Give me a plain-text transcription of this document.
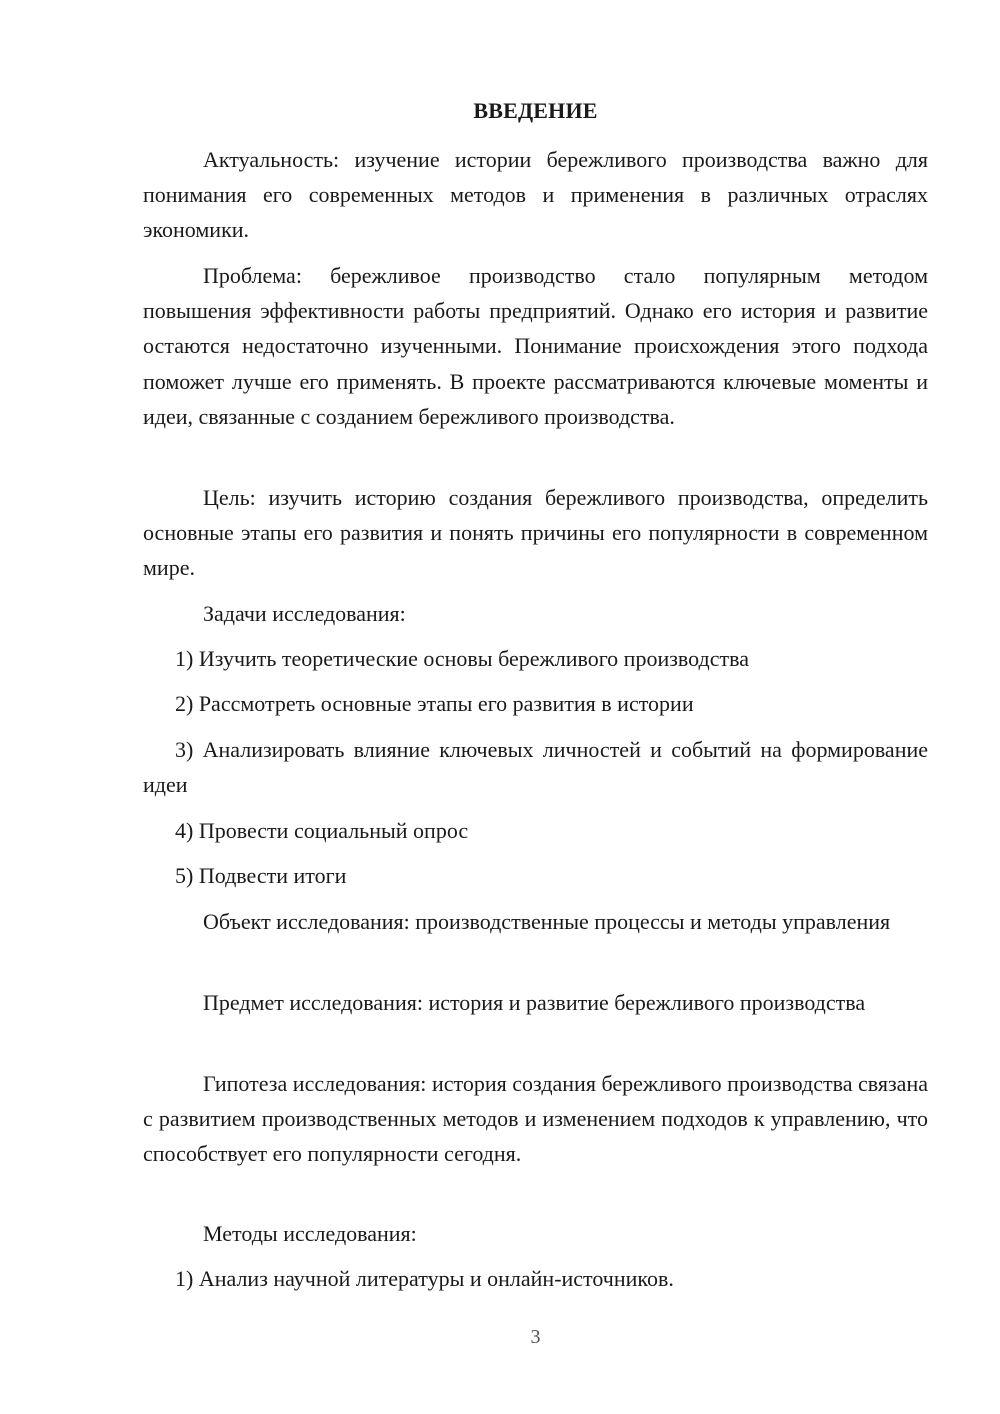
ВВЕДЕНИЕ

Актуальность: изучение истории бережливого производства важно для понимания его современных методов и применения в различных отраслях экономики.

Проблема: бережливое производство стало популярным методом повышения эффективности работы предприятий. Однако его история и развитие остаются недостаточно изученными. Понимание происхождения этого подхода поможет лучше его применять. В проекте рассматриваются ключевые моменты и идеи, связанные с созданием бережливого производства.

Цель: изучить историю создания бережливого производства, определить основные этапы его развития и понять причины его популярности в современном мире.

Задачи исследования:

1) Изучить теоретические основы бережливого производства

2) Рассмотреть основные этапы его развития в истории

3) Анализировать влияние ключевых личностей и событий на формирование идеи

4) Провести социальный опрос

5) Подвести итоги

Объект исследования: производственные процессы и методы управления

Предмет исследования: история и развитие бережливого производства

Гипотеза исследования: история создания бережливого производства связана с развитием производственных методов и изменением подходов к управлению, что способствует его популярности сегодня.

Методы исследования:

1) Анализ научной литературы и онлайн-источников.

3
